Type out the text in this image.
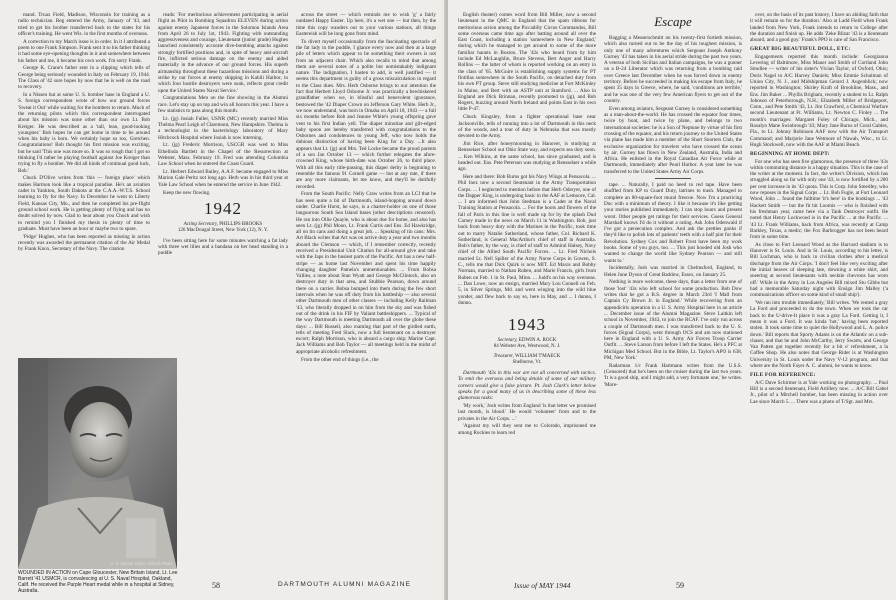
mand. Truax Field, Madison, Wisconsin for training as a radio technician. Reg entered the Army, January of '43, and tried to get his brother transferred back to the states for his officer's training. He went Wis. in the first months of overseas.

A correction to my March issue is in order. In it I attributed a poem to one Frank Simpson. Frank sent it to his father thinking it had some eye-opening thoughts in it and somewhere between his father and me, it became his own work. I'm sorry Frank.

George K. Crane's father sent in a clipping which tells of George being seriously wounded in Italy on February 19, 1944. The Class of '42 sure hopes by now that he is well on the road to recovery.

In a Nissen hut at some U. S. bomber base in England a U. S. foreign correspondent wrote of how our ground forces 'Sweat it Out' while waiting for the bombers to return. Much of the returning pilots which this correspondent interrogated about his mission was none other than our own Lt. Bob Kreiger. He was described as a 'tall, lean, good-looking youngster.' Bob hopes he can get home in time to be around when his baby is born. We certainly hope so too, Gretchen. Congratulations! Bob thought his first mission was exciting, but he said 'This one was more so. It was so rough that I got so thinking I'd rather be playing football against Joe Kreiger than trying to fly a bomber. We did all kinds of continual good luck, Bob.'

Chuck D'Olive writes from 'this — foreign place' which makes Harmon look like a tropical paradise. He's an aviation cadet in Yankton, South Dakota at the C.A.A.-W.T.S. School learning to fly for the Navy. In December he went to Liberty Field, Kansas City, Mo., and then he completed his pre-flight ground school work. He is getting plenty of flying and has no doubt solved by now. Glad to hear about you Chuck and wish to remind you I finished my thesis in plenty of time to graduate. Must have been an hour or maybe two to spare.

'Pidge' Hughes, who has been reported as missing in action recently was awarded the permanent citation of the Air Medal by Frank Knox, Secretary of the Navy. The citation

reads: 'For meritorious achievement participating in aerial flight as Pilot in Bombing Squadron ELEVEN during action against enemy Japanese forces in the Solomon Islands Area from April 26 to July 1st, 1943. Fighting with outstanding aggressiveness and courage, Lieutenant (junior grade) Hughes launched consistently accurate dive-bombing attacks against strongly fortified positions and, in spite of heavy anti-aircraft fire, inflicted serious damage on the enemy and aided materially in the advance of our ground forces. His superb airmanship throughout these hazardous missions and during a strike by our forces at enemy shipping in Kahili Harbor, in which four hostile destroyers were sunk, reflects great credit upon the United States Naval Service.'

Congratulations Men on the fine showing in the Alumni race. Let's stay up on top and win all honors this year. I have a few statistics to pass along this month.

Lt. (jg) Josiah Fuller, USNR (MC) recently married Miss Thelma Pearl Leigh of Claremont, New Hampshire. Thelma is a technologist in the bacteriology laboratory of Mary Hitchcock Hospital where Josiah is now interning.

Lt. (jg) Frederic Morrison, USCGR was wed to Miss Ethelinda Bartlett in the Chapel of the Resurrection at Webster, Mass. February 19. Fred was attending Columbia Law School when he entered the Coast Guard.

Lt. Herbert Edward Bailey, A.A.F. became engaged to Miss Marion Gale Peritz not long ago. Herb was in his third year at Yale Law School when he entered the service in June 1942.

Keep the new flowing.

1942

Acting Secretary, PHILLIPS BROOKS

126 MacDougal Street, New York (12), N. Y.

I've been sitting here for some minutes watching a fat lady with three wet lilies and a bandana on her head standing in a puddle

across the street — which reminds me to wish 'g' a fairly outdated Happy Easter. Up here, it's a wet one — but then, by the time this copy wanders out to your various stations, all things Eastereish will be long gone from mind.

To divert myself occasionally from the fascinating spectacle of the fat lady in the puddle, I glance every now and then at a large pile of letters which appear to be something their owners is not from an adjacent chair. Which also recalls to mind that among them are several notes of a polite but unmistakably indignant nature. The indignation, I hasten to add, is well justified — it seems this department is guilty of a gross miscalculation in regard to the Class dues. Mrs. Herb Osborne brings to our attention the fact that Herbert Lloyd Osborne Jr. was practically a bewhiskered grandfather when we, in blissful and benevolent ignorance, bestowed the '42 Diaper Crown on Jefferson Gary White. Herb Jr., we now understand, was born in Omaha on April 18, 1943 — a full six months before Bob and Jeanne White's young offspring gave vent to his first Indian yell. The diaper minutiae and gilt-edged baby spoon are hereby transferred with congratulations to the Osbornes and condolences to young Jeff, who now holds the dubious distinction of having been King for a Day. ...It also appears that Lt. (jg) and Mrs. Ted Locke became the proud parents of a son Jan October 13 — which further relegates the afore-crowned King, whose birth-date was October 26, to third place. With all this early title-passing, this diaper derby is beginning to resemble the famous 91 Cornell game — but at any rate, if there are any more claimants, let me know, and they'll be dutifully recorded.

From the South Pacific: Nelly Craw writes from an LCI that he has seen quite a bit of Dartmouth, island-hopping around down under. Charlie Hurst, he says, is a charter-holder on one of those languorous South Sea Island bases (other descriptions censored). He ran into Ollie Quayle, who is about due for home, and also has seen Lt. (jg) Phil Moon, Lt. Frank Curtis and Ens. Ed Hawkridge, all on tin cans and doing a great job. ... Speaking of tin cans: Mrs. Art Black writes that Art was on active duty a year and two months aboard the Clemson — which, if I remember correctly, recently received a Presidential Unit Citation for all-around give and take with the Japs in the busiest parts of the Pacific. Art has a new half-stripe — as home last November and spent his time happily changing daughter Pamela's unmentionables. ... From Bobsa Vallies, a note about Stan Wyatt and George McClintock, also on destroyer duty in that area, and Stubbie Pearson, down around there on a carrier. Bobsa bumped into them during the few short intervals when he was off duty from his battleship — also several other Dartmouth men of other classes — including Kelly Railman '43, who literally dropped in on him from the sky and was fished out of the drink in his FIF by Valiant battleshippers. ... Typical of the way Dartmouth is meeting Dartmouth all over the globe these days: ... Bill Russell, also roaming that part of the girdled earth, tells of meeting Fred Slack, now a full lieutenant on a destroyer escort; Ralph Morrison, who is aboard a cargo ship; Marine Capt. Jack Williams and Bob Taylor — all meetings held in the midst of appropriate alcoholic refreshment.

From the other end of things (i.e., the

U. S. Marine Corps Official Photo.

WOUNDED IN ACTION on Cape Gloucester, New Britain Island, Lt. Lee Barrett '41 USMCR, is convalescing at U. S. Naval Hospital, Oakland, Calif. He received the Purple Heart medal while in a hospital at Sidney, Australia.

58

English theater) comes word from Bill Miller, now a second lieutenant in the QMC in England that the spam ribbons for meritorious action among the Piccadilly Circus Commandos, Bill some overseas came time ago after batting around all over the East Coast, including a station 'somewhere in New England,' during which he managed to get around to some of the more familiar haunts in Boston. The '42s who heard from by him include Ed McLaughlin, Bruce Stevens, Bert Anger and Harry Rollins — the latter of whom is reported working on an entry in the class of '65. McGuire is establishing supply systems for PT flotillas somewhere in the South Pacific, on detached duty from his own PT group. Steve still studying medicine at Fort McKinley in Maine, and Bert with an ASTP unit at Stamford. ... Also in England are Dick Brinnan, recently promoted to (jg), and Bob Rogers, buzzing around North Ireland and points East in his own little P-47.

Chuck Kingsley, from a fighter operational base near Jacksonville, tells of running into a lot of Dartmouth in this neck of the woods, and a tour of duty in Nebraska that was mostly devoted to the Army.

Jim Rice, after honeymooning in Hanover, is studying at Rensselaer School out Ohio State way, and expects sea duty soon. ... Ken Wilkins, at the same school, has since graduated, and is headed out. Ens. Pete Peterson was studying at Rensselaer a while ago.

Here and there: Bob Burns got his Navy Wings at Pensacola. ... Phil Inez now a second lieutenant in the Army Transportation Corps. ... I neglected to mention before that Herb Oderyer, one of the Dapper King, is undergoing basic in the AAF at Lemoore, Cal. ... I am informed that John Stedman is a Cadet at the Naval Training Station at Pensacola. ... For the hoots and flowers of the fall of Paris in this line is well made up for by the splash Dud Carney made in the news on March 11 in Washington. Bob, just back from heavy duty with the Marines in the Pacific, took time out to marry Natalie Sutherland, whose father, Col. Richard K. Sutherland, is General MacArthur's chief of staff in Australia. Bob's father, by the way, is chief of staff to Admiral Halsey, Navy chief of the Allied South Pacific Forces. ... Lt. Fred Nichols married Lt. Nell Spiller of the Army Nurse Corps in Gowen, S. C., tells me that Dick Quirk is now MIT. Ed Maxis and Bobby Norman, married to Nathan Ruben, and Marie Francis, girls from Ruben on Feb. 1 in St. Paul, Minn. ... Judd's on his way overseas. ... Dan Lowe, now an ensign, married Mary Lou Connell on Feb. 5, in Silver Springs, Md. and went winging into the wild blue yonder, and flew back to say so, here in May, and ... I dunno, I dunno.

1943

Secretary, EDWIN A. ROCK

84 Webster Ave, Westwood, N. J.

Treasurer, WILLIAM T'MAECK

Shelburne, Vt.

Dartmouth '43s in this war are not all concerned with tactics. To emit the overseas and being details of some of our military careers would give a false picture. Pt. Josh Clark's letter below speaks for a good many of us in describing some of these less glamorous tasks:

'My work,' Josh writes from England 'is that letter we promised last month, is blood.' He would 'volunteer' from and to the privates in the Air Corps. ...'

'Against my will they sent me to Colorado, imprisoned me among Rockies to learn red

Escape

Bagging a Messerschmitt on his twenty-first fortieth mission, which also turned out to be the day of his toughest mission, is only one of many adventures which Sergeant Joseph Anthony Gurney '43 has taken in his aerial stride during the past two years. A veteran of both Sicilian and Italian campaigns, he was a gunner on a B-24 Liberator which was returning from a bombing raid over Greece last December when he was forced down in enemy territory. Before he succeeded in making his escape from Italy, he spent 35 days in Greece, where, he said, 'conditions are terrible,' and he was one of the very few American flyers to get out of the country.

Even among aviators, Sergeant Gurney is considered something as a man-about-the-world. He has crossed the equator four times, twice by boat, and twice by plane, and belongs to two international societies: he is a Son of Neptune by virtue of his first crossing of the equator, and his return journey to the United States via plane has made him a member of the Short Snorters Club, the exclusive organization for travelers who have crossed the ocean by air. Gurney has flown in New Zealand, Australia, India and Africa. He enlisted in the Royal Canadian Air Force while at Dartmouth, immediately after Pearl Harbor. A year later he was transferred to the United States Army Air Corps.

tape. ... Naturally, I paid no heed to red tape. Have been shuffled from KP to Guard Duty, latrines to trash. Managed to complete an 80-square-foot mural frescoe. Now I'm a practicing Doc with a minimum of theory. I like it because it's like getting your stories published immediately. I can stop hours and present worst. Other people get ratings for their services. Guess General Marshall knows I'd do it without a rating. Ask John Odenwald if I've got a persecution complex. And ask the pretties gonks if they'd like to polish lots of patients' teeth with a half pint for their Revolution. Sydney Cox and Robert Frost have been my work books. Some of you guys, too. ... This just hooded old Josh who wanted to change the world like Sydney Pearson — and still wants to.'

Incidentally, Josh was married in Chelmsford, England, to Helen June Dyson of Great Baddow, Essex, on January 25.

Nothing is more welcome, these days, than a letter from one of those 'lost' '43s who left school for some production. Bob Dow writes that he got a B.S. degree in March 23rd 'I Mall from Captain Cy Brown Jr. in England.' While recovering from an appendicitis operation in a U. S. Army Hospital here in an article ... December issue of the Alumni Magazine. Steve Laitkin left school in November, 1943, to join the RCAF. I've only run across a couple of Dartmouth men. I was transferred back to the U. S. forces (Signal Corps), went through OCS and am now stationed here in England with a U. S. Army Air Forces Troop Carrier Outfit. ... Steve Larson from before I left the States. He's a PFC at Michigan Med School. But in the Bible, Lt. Taylor's APO is 638, PM, New York.'

Radarman 1/c Frank Hartmann writes from the U.S.S. (Censored) that he's been on the cruiser during the last two years. 'It is a good ship, and I might add, a very fortunate one,' he writes. 'More-

over, on the basis of its past history, I have an abiding faith that it will remain so for the duration.' Also at Ladd Field when Frank landed from New York, Frank intends to return to College after the duration and finish up. He adds 'Zeke Bilzar '43 is a lieutenant aboard, and a good guy.' Frank's PPO is care of San Francisco.

GREAT BIG BEAUTIFUL DOLL, ETC:

Engagements reported this month include: Georgianna Levering of Baltimore, Miss Mauer and Smith of Cortland John Smollee — writer of his sister's Vivian Taylor, of Oxford, Ohio; Doris Nagel to A/C Harvey Daniels; Miss Emmie Schulman of Union City, N. J., and Midshipman Gerard J. Augenblick; now reported in Washington; Shirley Kraft of Brookline, Mass., and Ens. Jim Baker ... Phyllis Brigham, recently a student to Lt. Ralph Johnson of Peterborough, N.H.; Elizabeth Miller of Bridgeport, Conn., and Pete Smith '43, Lt. Jim Crawford, a Chemical Warfare second Lieutenant at Ft. Williams, Lt. Newton C. Finley ... The month's marriages: Margaret Foley of Chicago, Mich., and Rosalyn Mane Swinbrough '43; Mary Jane Burns of Coral Gables, Fla., to Lt. Johnny Robinson AAF now with the Air Transport Command; and Marjorie Jane Wetmore of Nawah, Wisc., to Lt. Hugh Stockwell, now with the AAF at Miami Beach.

BEGINNING AT HOME DEPT:

For one who has seen five glamorous, the presence of three '43s within commuting distance is a happy situation. This is the case of the writer at the moment. In fact, the writer's Division, which has struggled along so far with only one '43, is now fortified by a 200 per cent increase in its '43 quota. This is Corp. John Smedley, who now reposes in the Signal Corps ... Lt. Bob Fugle, at Fort Leonard Wood, John ... found the fulltime 'it's here' in the bookings ... '43 Hackett Smith — but the fit bit Loomis — who is finished with his freshman year, came here via a Tank Destroyer outfit. He noted that Henry Lockwood is in the Pacific ... at the Pacific. ... '43 Lt. Frank Williams, back from Africa, was recently at Camp Barkley, Texas, a medic; the Fox Barbrogger has not been heard from in some time.

As close to Fort Leonard Wood as the Harvard stadium is to Hanover is St. Louis. And in St. Louis, according to his letter, is Bill Lochman, who is back in civilian clothes after a medical discharge from the Air Corps. 'I don't feel like very exciting after the initial heaves of sleeping late, downing a white shirt, and sneering at second lieutenants with necktie chevrons has worn off.' While in the Army in Los Angeles Bill mixed Stu Gibbs but had a memorable Saturday night with Ensign Jim Malley ('a communications officer on some kind of small ship').

'We ran into trouble immediately,' Bill writes. 'We rented a gray La Ford and proceeded to do the town. When we took the car back to the U-drive-It place it was a gray La Ford. Getting it, I mean it was a Ford. It was kinda 'hot,' having been reported stolen. It took some time to quiet the Hollywood and L. A. police down.' Bill reports that Sporty Adams is on the Atlantic on a sub-chaser, and that he and John McCarthy, Jerry Swarts, and George Van Patten got together recently for a bit o' refreshment, a la Coffee Shop. He also notes that George Rider is at Washington University in St. Louis under the Navy V-12 program, and that where are the North Fayer A. C. alumni, he wants to know.

FILE FOR REFERENCE:

A/C Dave Schirmer is at Yale working on photography. ... Paul Hill is a second lieutenant, Field Artillery now. ... A/C Bill Gabel Jr., pilot of a Mitchell bomber, has been missing in action over Lae since March 5. ... There was a photo of T/Sgt. and Mrs.

59
DARTMOUTH ALUMNI MAGAZINE	Issue of MAY 1944
